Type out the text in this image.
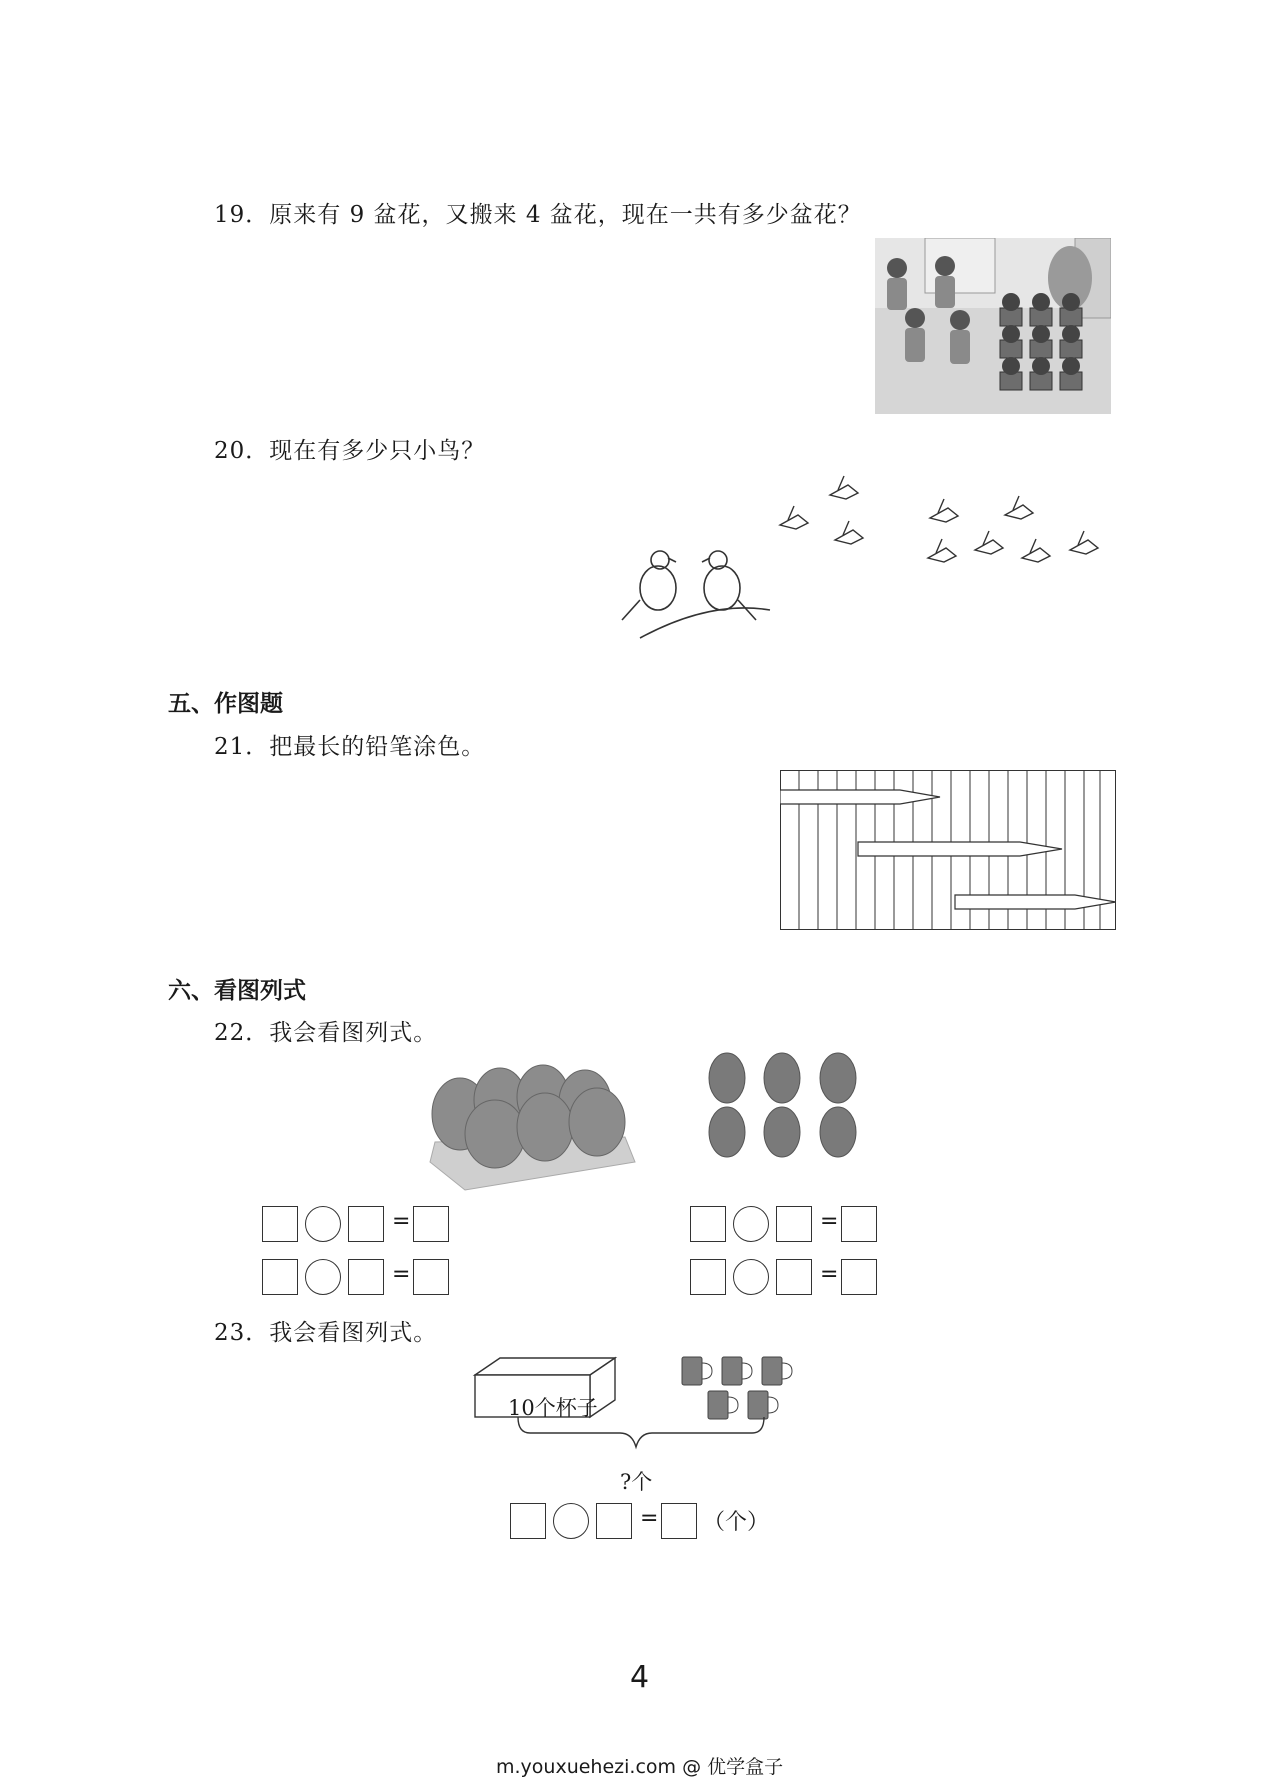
19．原来有 9 盆花，又搬来 4 盆花，现在一共有多少盆花？
20．现在有多少只小鸟？
五、作图题
21．把最长的铅笔涂色。
六、看图列式
22．我会看图列式。
=
=
=
=
23．我会看图列式。
10个杯子
?个
= （个）
4
m.youxuehezi.com @ 优学盒子
